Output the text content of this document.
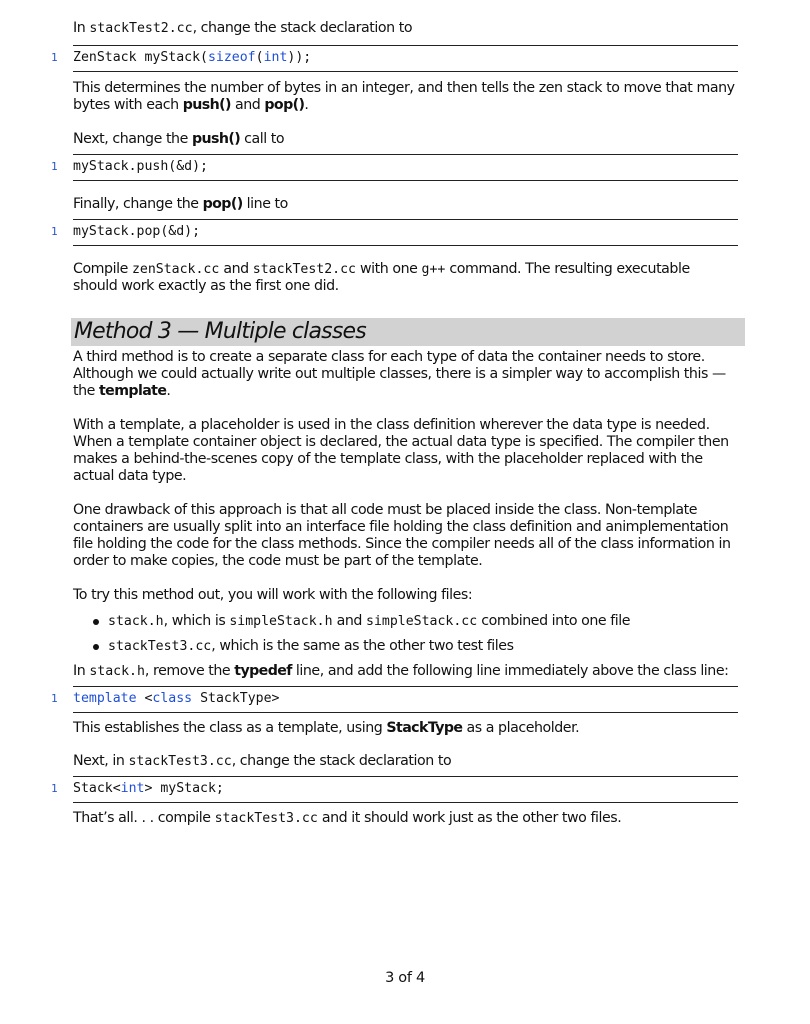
In stackTest2.cc, change the stack declaration to

1 ZenStack myStack(sizeof(int));

This determines the number of bytes in an integer, and then tells the zen stack to move that many bytes with each push() and pop().

Next, change the push() call to

1 myStack.push(&d);

Finally, change the pop() line to

1 myStack.pop(&d);

Compile zenStack.cc and stackTest2.cc with one g++ command. The resulting executable should work exactly as the first one did.

Method 3 — Multiple classes

A third method is to create a separate class for each type of data the container needs to store. Although we could actually write out multiple classes, there is a simpler way to accomplish this — the template.

With a template, a placeholder is used in the class definition wherever the data type is needed. When a template container object is declared, the actual data type is specified. The compiler then makes a behind-the-scenes copy of the template class, with the placeholder replaced with the actual data type.

One drawback of this approach is that all code must be placed inside the class. Non-template containers are usually split into an interface file holding the class definition and animplementation file holding the code for the class methods. Since the compiler needs all of the class information in order to make copies, the code must be part of the template.

To try this method out, you will work with the following files:

stack.h, which is simpleStack.h and simpleStack.cc combined into one file
stackTest3.cc, which is the same as the other two test files

In stack.h, remove the typedef line, and add the following line immediately above the class line:

1 template <class StackType>

This establishes the class as a template, using StackType as a placeholder.

Next, in stackTest3.cc, change the stack declaration to

1 Stack<int> myStack;

That’s all. . . compile stackTest3.cc and it should work just as the other two files.

3 of 4
